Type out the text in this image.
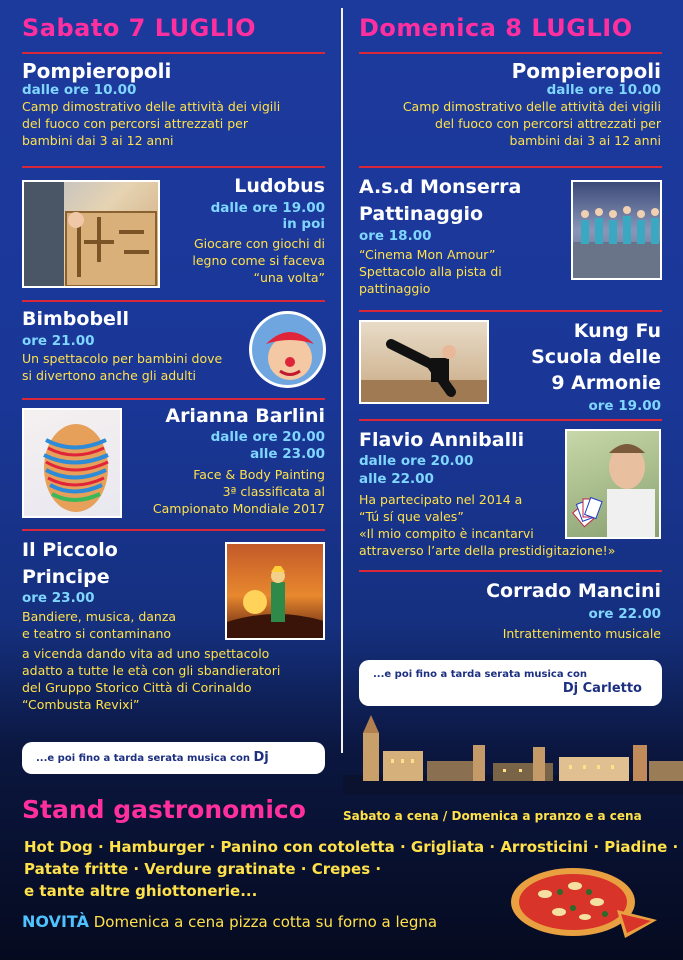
Sabato 7 LUGLIO
Pompieropoli
dalle ore 10.00
Camp dimostrativo delle attività dei vigili
del fuoco con percorsi attrezzati per
bambini dai 3 ai 12 anni
Ludobus
dalle ore 19.00
in poi
Giocare con giochi di
legno come si faceva
“una volta”
Bimbobell
ore 21.00
Un spettacolo per bambini dove
si divertono anche gli adulti
Arianna Barlini
dalle ore 20.00
alle 23.00
Face & Body Painting
3ª classificata al
Campionato Mondiale 2017
Il Piccolo
Principe
ore 23.00
Bandiere, musica, danza
e teatro si contaminano
a vicenda dando vita ad uno spettacolo
adatto a tutte le età con gli sbandieratori
del Gruppo Storico Città di Corinaldo
“Combusta Revixi”
...e poi fino a tarda serata musica con Dj
Domenica 8 LUGLIO
Pompieropoli
dalle ore 10.00
Camp dimostrativo delle attività dei vigili
del fuoco con percorsi attrezzati per
bambini dai 3 ai 12 anni
A.s.d Monserra
Pattinaggio
ore 18.00
“Cinema Mon Amour”
Spettacolo alla pista di
pattinaggio
Kung Fu
Scuola delle
9 Armonie
ore 19.00
Flavio Anniballi
dalle ore 20.00
alle 22.00
Ha partecipato nel 2014 a
“Tú sí que vales”
«Il mio compito è incantarvi
attraverso l’arte della prestidigitazione!»
Corrado Mancini
ore 22.00
Intrattenimento musicale
...e poi fino a tarda serata musica con
Dj Carletto
Stand gastronomico	Sabato a cena / Domenica a pranzo e a cena
Hot Dog · Hamburger · Panino con cotoletta · Grigliata · Arrosticini · Piadine ·
Patate fritte · Verdure gratinate · Crepes ·
e tante altre ghiottonerie...
NOVITÀ Domenica a cena pizza cotta su forno a legna
